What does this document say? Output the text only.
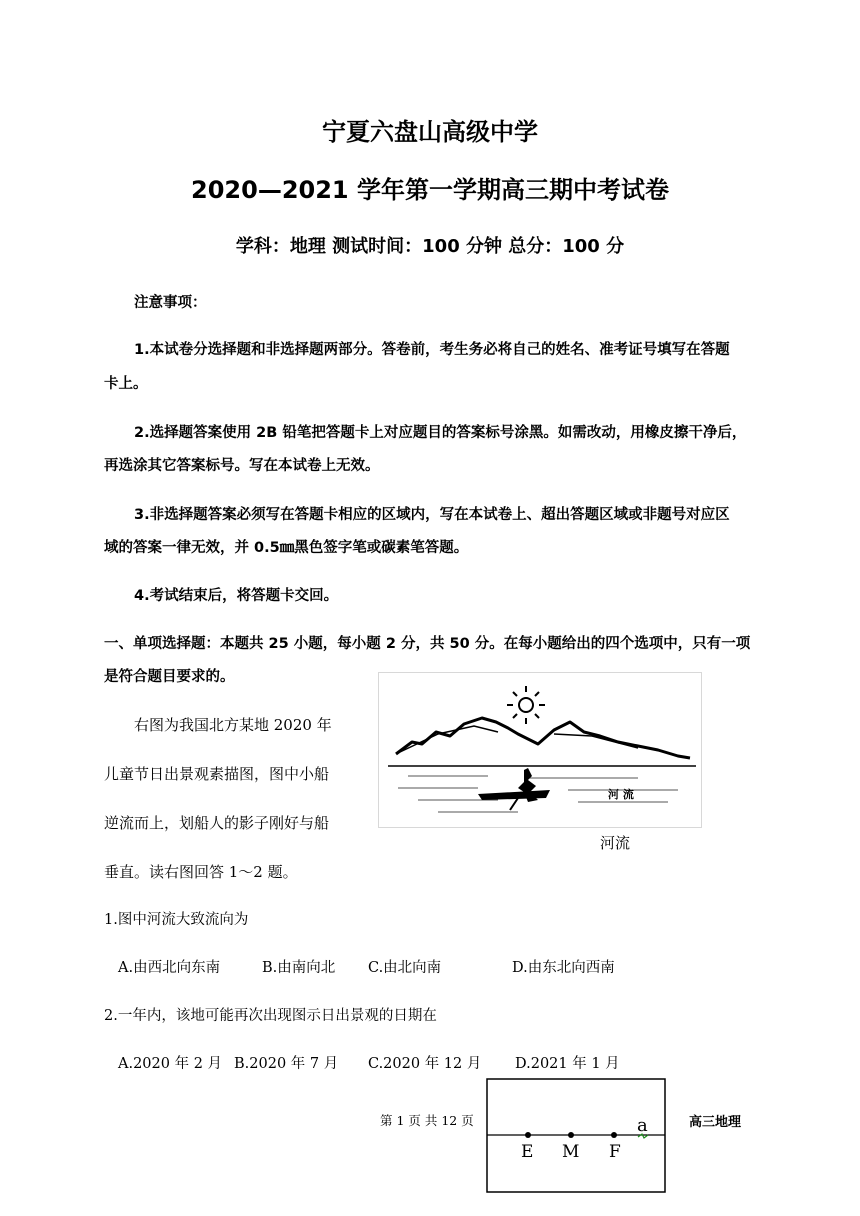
宁夏六盘山高级中学
2020—2021 学年第一学期高三期中考试卷
学科：地理 测试时间：100 分钟 总分：100 分
注意事项：
1.本试卷分选择题和非选择题两部分。答卷前，考生务必将自己的姓名、准考证号填写在答题
卡上。
2.选择题答案使用 2B 铅笔把答题卡上对应题目的答案标号涂黑。如需改动，用橡皮擦干净后，
再选涂其它答案标号。写在本试卷上无效。
3.非选择题答案必须写在答题卡相应的区域内，写在本试卷上、超出答题区域或非题号对应区
域的答案一律无效，并 0.5㎜黑色签字笔或碳素笔答题。
4.考试结束后，将答题卡交回。
一、单项选择题：本题共 25 小题，每小题 2 分，共 50 分。在每小题给出的四个选项中，只有一项
是符合题目要求的。
右图为我国北方某地 2020 年
儿童节日出景观素描图，图中小船
逆流而上，划船人的影子刚好与船
垂直。读右图回答 1～2 题。
河 流
河流
1.图中河流大致流向为
A.由西北向东南	B.由南向北 C.由北向南	D.由东北向西南
2.一年内，该地可能再次出现图示日出景观的日期在
A.2020 年 2 月 B.2020 年 7 月 C.2020 年 12 月 D.2021 年 1 月
E M F
a
第 1 页 共 12 页	高三地理
